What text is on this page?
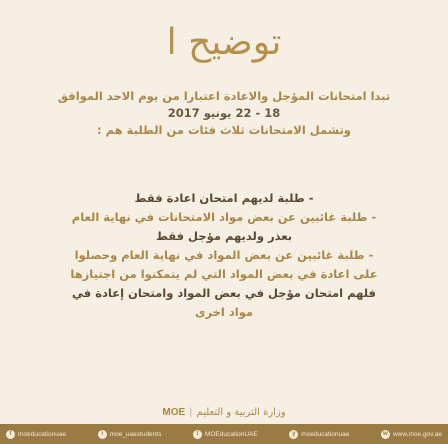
توضيح ا
تبدا امتحانات المؤجل والاعادة اعتبارا من يوم الاحد الموافق
18 - 22 يونيو 2017
وتشمل الامتحانات ثلاث فئات من الطلبة هم :

- طلبة لديهم امتحان اعادة فقط

- طلبة غائبين عن بعض مواد الامتحانات في نهاية العام

بعذر ولديهم مؤجل فقط

- طلبة غائبين عن بعض المواد في نهاية العام وحصلوا

على اعادة في بعض المواد التي لم يتمكنوا من اجتيازها

فلهم امتحان مؤجل في بعض المواد وامتحان إعادة في

مواد اخرى

MOE | وزارة التربية و التعليم
f	moeducationuae	i	moe_uaestudents	t	MOEducationUAE	y moeducationuae	w www.moe.gov.ae
